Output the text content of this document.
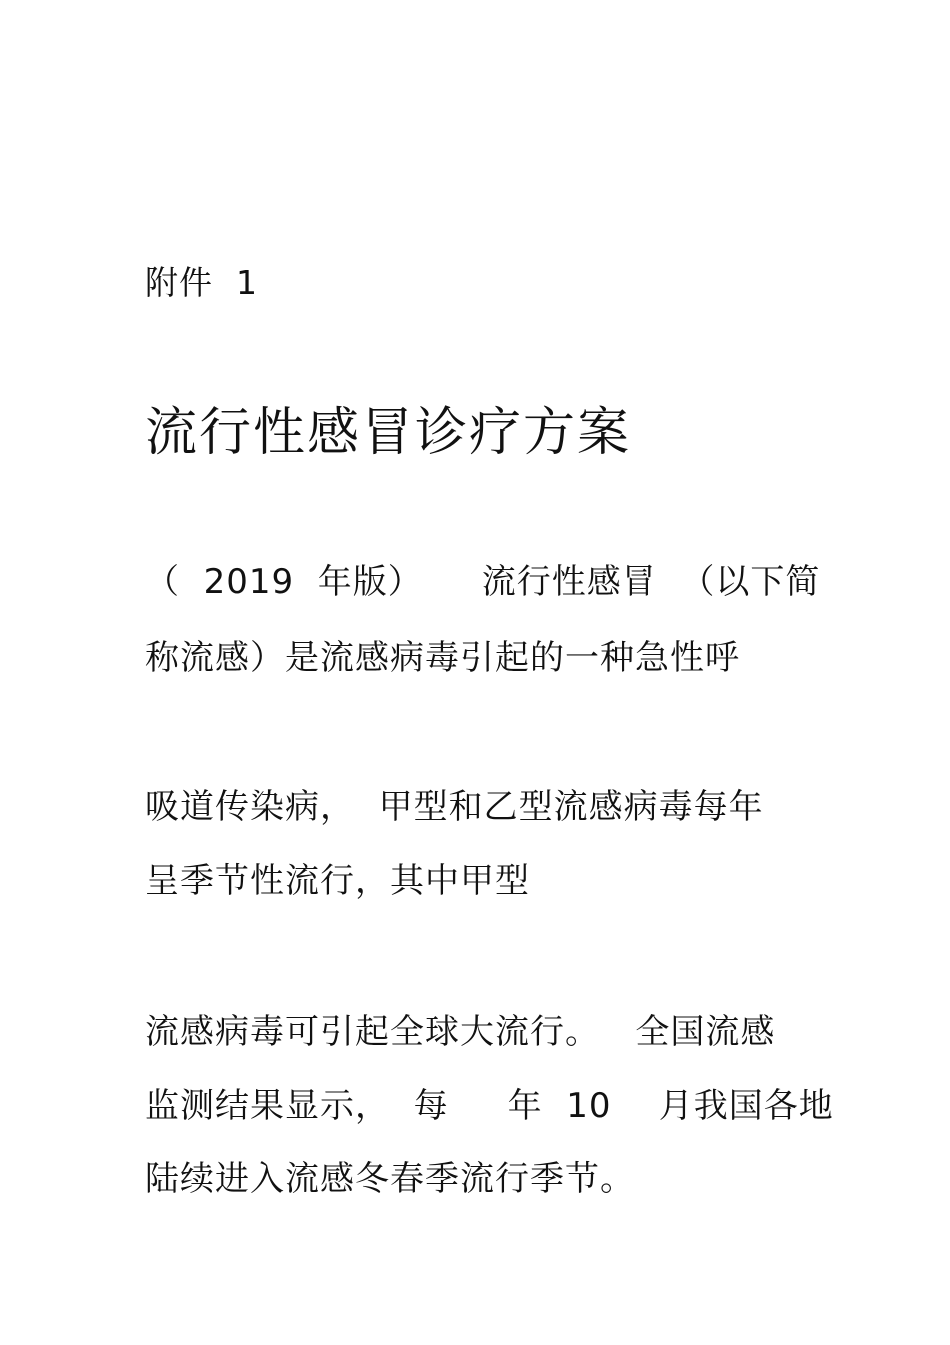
附件  1
流行性感冒诊疗方案
（  2019  年版）     流行性感冒  （以下简
称流感）是流感病毒引起的一种急性呼
吸道传染病，  甲型和乙型流感病毒每年
呈季节性流行，其中甲型
流感病毒可引起全球大流行。   全国流感
监测结果显示，  每     年  10    月我国各地
陆续进入流感冬春季流行季节。
